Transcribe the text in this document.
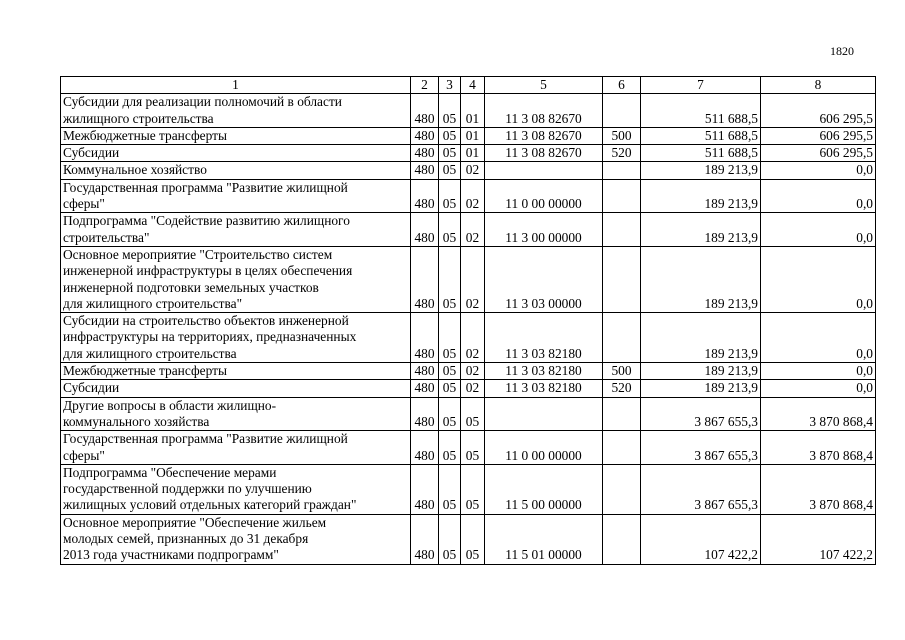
1820
1	2	3	4	5	6	7	8

Субсидии для реализации полномочий в области
жилищного строительства	480	05	01	11 3 08 82670		511 688,5	606 295,5

Межбюджетные трансферты	480	05	01	11 3 08 82670	500	511 688,5	606 295,5

Субсидии	480	05	01	11 3 08 82670	520	511 688,5	606 295,5

Коммунальное хозяйство	480	05	02			189 213,9	0,0

Государственная программа "Развитие жилищной
сферы"	480	05	02	11 0 00 00000		189 213,9	0,0

Подпрограмма "Содействие развитию жилищного
строительства"	480	05	02	11 3 00 00000		189 213,9	0,0

Основное мероприятие "Строительство систем
инженерной инфраструктуры в целях обеспечения
инженерной подготовки земельных участков
для жилищного строительства"	480	05	02	11 3 03 00000		189 213,9	0,0

Субсидии на строительство объектов инженерной
инфраструктуры на территориях, предназначенных
для жилищного строительства	480	05	02	11 3 03 82180		189 213,9	0,0

Межбюджетные трансферты	480	05	02	11 3 03 82180	500	189 213,9	0,0

Субсидии	480	05	02	11 3 03 82180	520	189 213,9	0,0

Другие вопросы в области жилищно-
коммунального хозяйства	480	05	05			3 867 655,3	3 870 868,4

Государственная программа "Развитие жилищной
сферы"	480	05	05	11 0 00 00000		3 867 655,3	3 870 868,4

Подпрограмма "Обеспечение мерами
государственной поддержки по улучшению
жилищных условий отдельных категорий граждан"	480	05	05	11 5 00 00000		3 867 655,3	3 870 868,4

Основное мероприятие "Обеспечение жильем
молодых семей, признанных до 31 декабря
2013 года участниками подпрограмм"	480	05	05	11 5 01 00000		107 422,2	107 422,2
